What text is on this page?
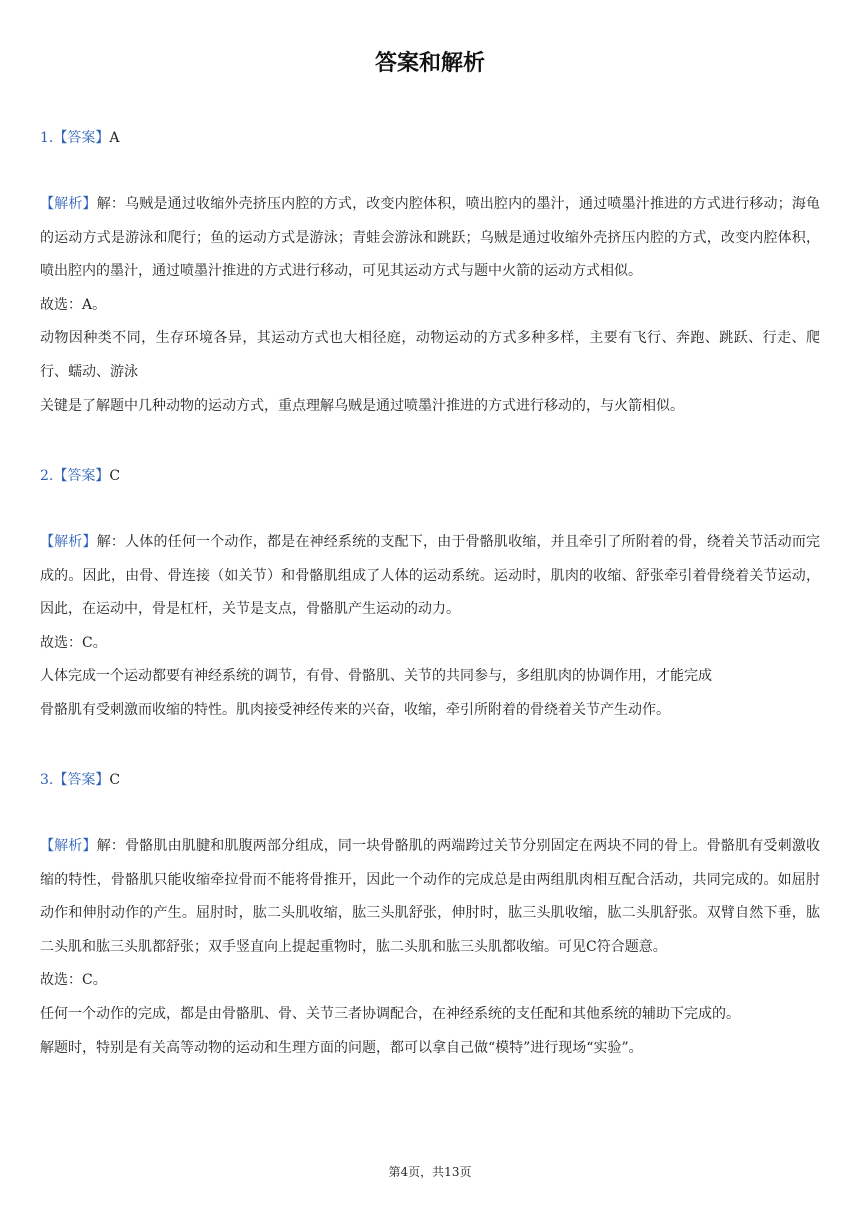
答案和解析
1.【答案】A
【解析】解：乌贼是通过收缩外壳挤压内腔的方式，改变内腔体积，喷出腔内的墨汁，通过喷墨汁推进的方式进行移动；海龟的运动方式是游泳和爬行；鱼的运动方式是游泳；青蛙会游泳和跳跃；乌贼是通过收缩外壳挤压内腔的方式，改变内腔体积，喷出腔内的墨汁，通过喷墨汁推进的方式进行移动，可见其运动方式与题中火箭的运动方式相似。
故选：A。
动物因种类不同，生存环境各异，其运动方式也大相径庭，动物运动的方式多种多样，主要有飞行、奔跑、跳跃、行走、爬行、蠕动、游泳
关键是了解题中几种动物的运动方式，重点理解乌贼是通过喷墨汁推进的方式进行移动的，与火箭相似。
2.【答案】C
【解析】解：人体的任何一个动作，都是在神经系统的支配下，由于骨骼肌收缩，并且牵引了所附着的骨，绕着关节活动而完成的。因此，由骨、骨连接（如关节）和骨骼肌组成了人体的运动系统。运动时，肌肉的收缩、舒张牵引着骨绕着关节运动，因此，在运动中，骨是杠杆，关节是支点，骨骼肌产生运动的动力。
故选：C。
人体完成一个运动都要有神经系统的调节，有骨、骨骼肌、关节的共同参与，多组肌肉的协调作用，才能完成
骨骼肌有受刺激而收缩的特性。肌肉接受神经传来的兴奋，收缩，牵引所附着的骨绕着关节产生动作。
3.【答案】C
【解析】解：骨骼肌由肌腱和肌腹两部分组成，同一块骨骼肌的两端跨过关节分别固定在两块不同的骨上。骨骼肌有受刺激收缩的特性，骨骼肌只能收缩牵拉骨而不能将骨推开，因此一个动作的完成总是由两组肌肉相互配合活动，共同完成的。如屈肘动作和伸肘动作的产生。屈肘时，肱二头肌收缩，肱三头肌舒张，伸肘时，肱三头肌收缩，肱二头肌舒张。双臂自然下垂，肱二头肌和肱三头肌都舒张；双手竖直向上提起重物时，肱二头肌和肱三头肌都收缩。可见C符合题意。
故选：C。
任何一个动作的完成，都是由骨骼肌、骨、关节三者协调配合，在神经系统的支任配和其他系统的辅助下完成的。
解题时，特别是有关高等动物的运动和生理方面的问题，都可以拿自己做“模特”进行现场“实验”。
第4页，共13页
